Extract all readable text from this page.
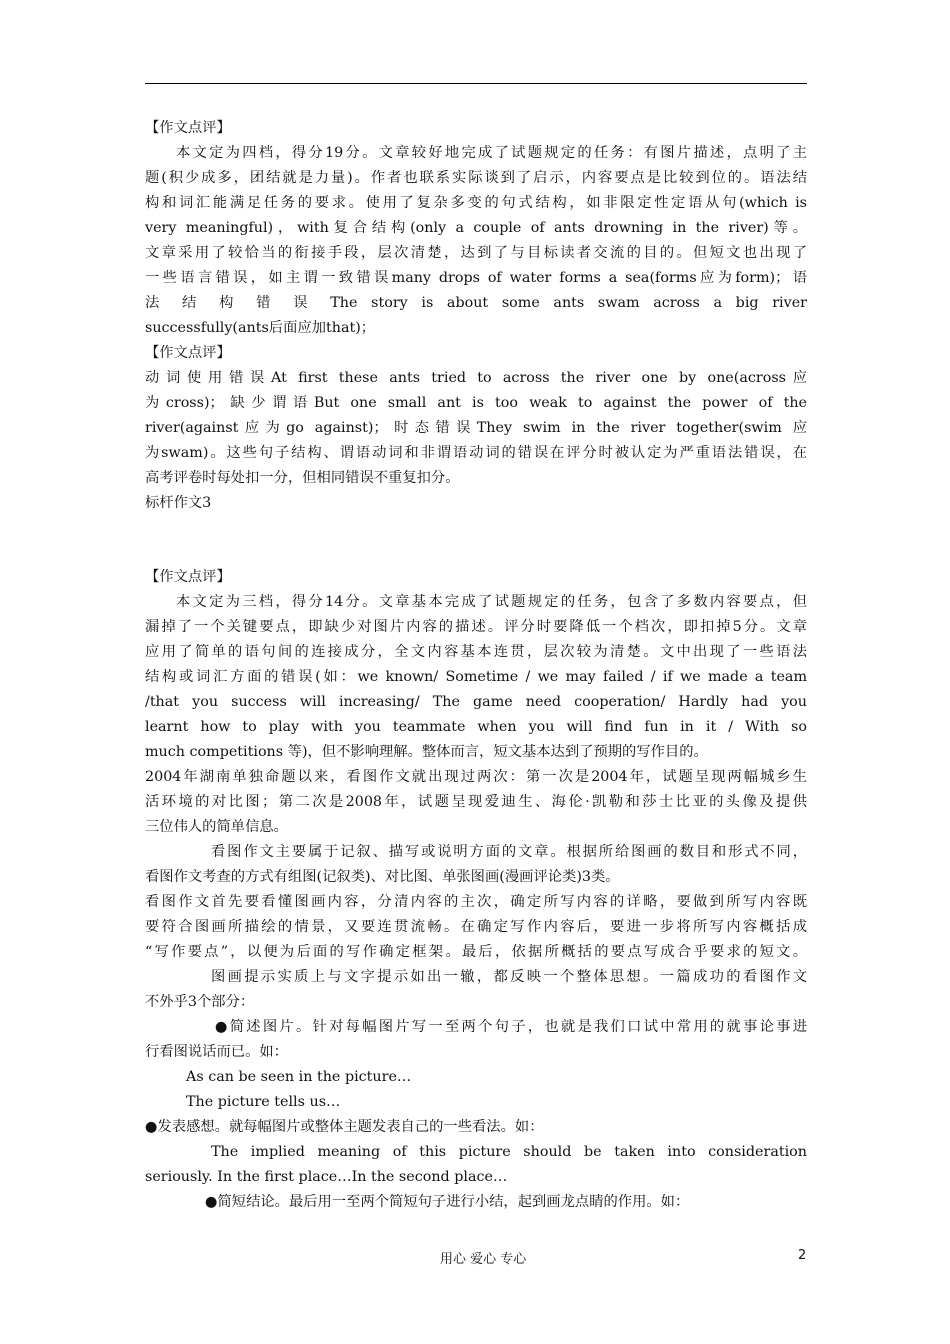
【作文点评】
本文定为四档，得分19分。文章较好地完成了试题规定的任务：有图片描述，点明了主
题(积少成多，团结就是力量)。作者也联系实际谈到了启示，内容要点是比较到位的。语法结
构和词汇能满足任务的要求。使用了复杂多变的句式结构，如非限定性定语从句(which is
very meaningful)，with复合结构(only a couple of ants drowning in the river)等。
文章采用了较恰当的衔接手段，层次清楚，达到了与目标读者交流的目的。但短文也出现了
一些语言错误，如主谓一致错误many drops of water forms a sea(forms应为form)；语
法 结 构 错 误 The story is about some ants swam across a big river
successfully(ants后面应加that)；
【作文点评】
动词使用错误At first these ants tried to across the river one by one(across应
为cross)；缺少谓语But one small ant is too weak to against the power of the
river(against应为go against)；时态错误They swim in the river together(swim 应
为swam)。这些句子结构、谓语动词和非谓语动词的错误在评分时被认定为严重语法错误，在
高考评卷时每处扣一分，但相同错误不重复扣分。
标杆作文3
【作文点评】
本文定为三档，得分14分。文章基本完成了试题规定的任务，包含了多数内容要点，但
漏掉了一个关键要点，即缺少对图片内容的描述。评分时要降低一个档次，即扣掉5分。文章
应用了简单的语句间的连接成分，全文内容基本连贯，层次较为清楚。文中出现了一些语法
结构或词汇方面的错误(如：we known/ Sometime / we may failed / if we made a team
/that you success will increasing/ The game need cooperation/ Hardly had you
learnt how to play with you teammate when you will find fun in it / With so
much competitions 等)，但不影响理解。整体而言，短文基本达到了预期的写作目的。
2004年湖南单独命题以来，看图作文就出现过两次：第一次是2004年，试题呈现两幅城乡生
活环境的对比图；第二次是2008年，试题呈现爱迪生、海伦·凯勒和莎士比亚的头像及提供
三位伟人的简单信息。
看图作文主要属于记叙、描写或说明方面的文章。根据所给图画的数目和形式不同，
看图作文考查的方式有组图(记叙类)、对比图、单张图画(漫画评论类)3类。
看图作文首先要看懂图画内容，分清内容的主次，确定所写内容的详略，要做到所写内容既
要符合图画所描绘的情景，又要连贯流畅。在确定写作内容后，要进一步将所写内容概括成
“写作要点”，以便为后面的写作确定框架。最后，依据所概括的要点写成合乎要求的短文。
图画提示实质上与文字提示如出一辙，都反映一个整体思想。一篇成功的看图作文
不外乎3个部分：
●简述图片。针对每幅图片写一至两个句子，也就是我们口试中常用的就事论事进
行看图说话而已。如：
As can be seen in the picture…
The picture tells us…
●发表感想。就每幅图片或整体主题发表自己的一些看法。如：
The implied meaning of this picture should be taken into consideration
seriously. In the first place…In the second place…
●简短结论。最后用一至两个简短句子进行小结，起到画龙点睛的作用。如：
用心 爱心 专心	2
